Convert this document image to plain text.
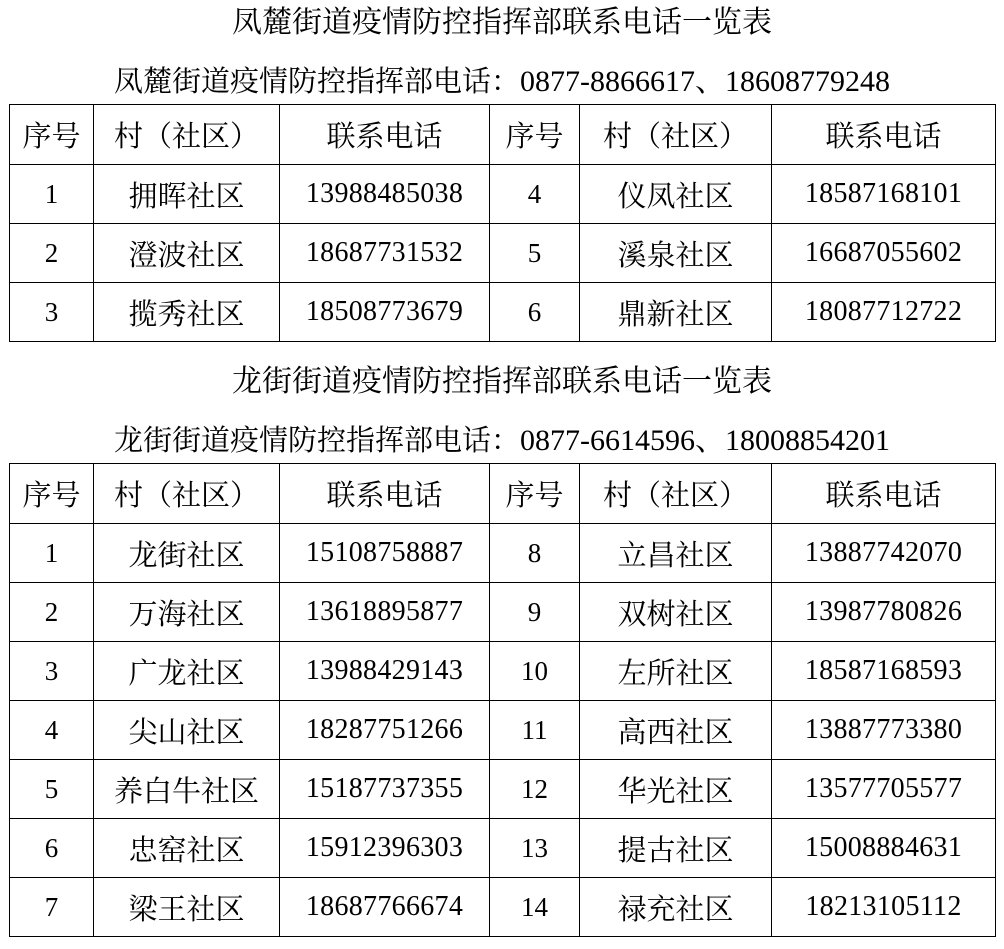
凤麓街道疫情防控指挥部联系电话一览表
凤麓街道疫情防控指挥部电话：0877-8866617、18608779248
序号	村（社区）	联系电话	序号	村（社区）	联系电话
1	拥晖社区	13988485038	4	仪凤社区	18587168101
2	澄波社区	18687731532	5	溪泉社区	16687055602
3	揽秀社区	18508773679	6	鼎新社区	18087712722
龙街街道疫情防控指挥部联系电话一览表
龙街街道疫情防控指挥部电话：0877-6614596、18008854201
序号	村（社区）	联系电话	序号	村（社区）	联系电话
1	龙街社区	15108758887	8	立昌社区	13887742070
2	万海社区	13618895877	9	双树社区	13987780826
3	广龙社区	13988429143	10	左所社区	18587168593
4	尖山社区	18287751266	11	高西社区	13887773380
5	养白牛社区	15187737355	12	华光社区	13577705577
6	忠窑社区	15912396303	13	提古社区	15008884631
7	梁王社区	18687766674	14	禄充社区	18213105112
